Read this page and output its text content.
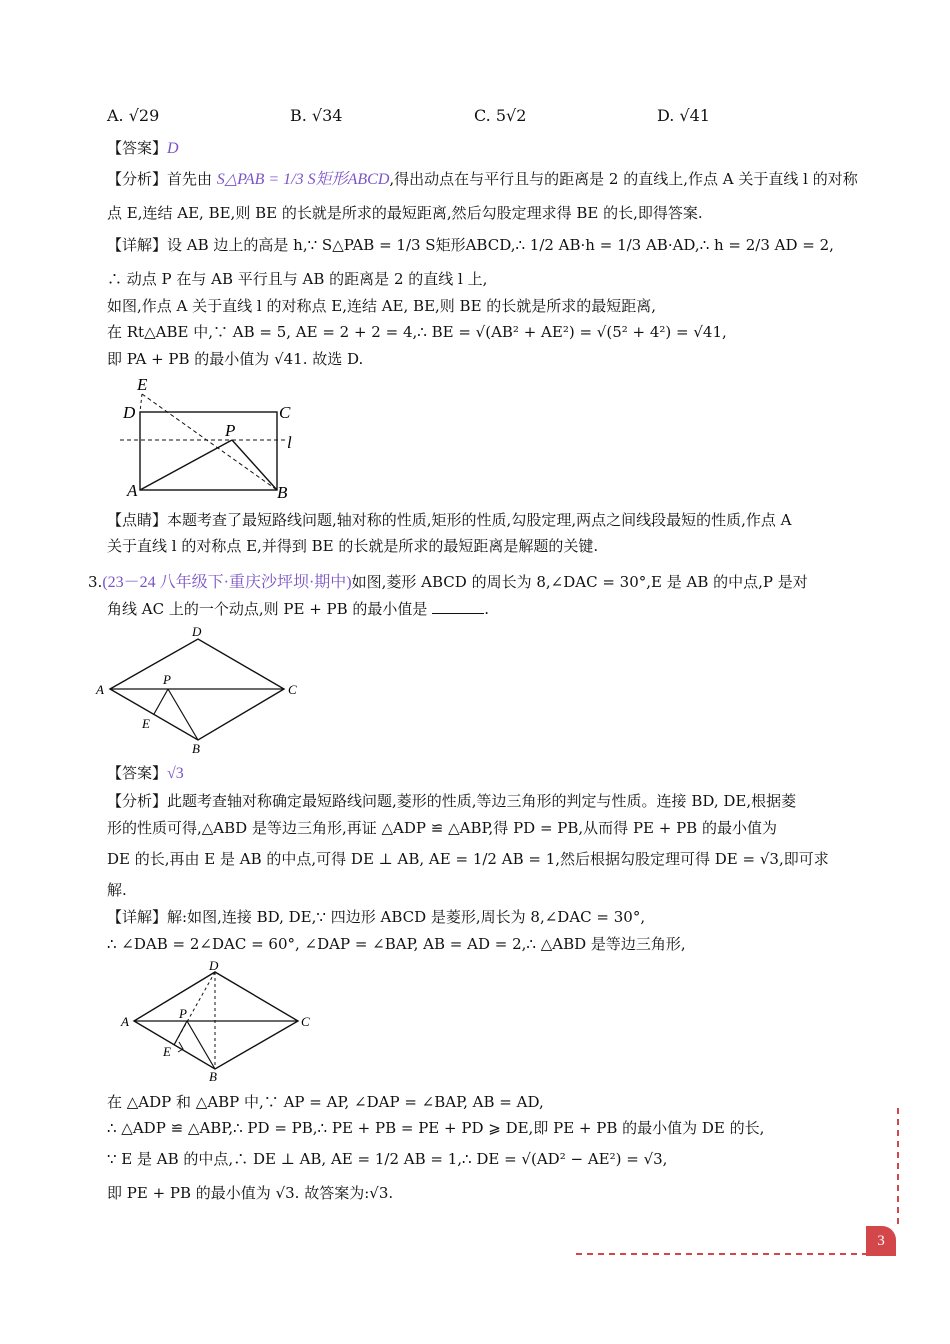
A. √29	B. √34	C. 5√2	D. √41
【答案】D
【分析】首先由 S△PAB = 1/3 S矩形ABCD,得出动点在与平行且与的距离是 2 的直线上,作点 A 关于直线 l 的对称
点 E,连结 AE, BE,则 BE 的长就是所求的最短距离,然后勾股定理求得 BE 的长,即得答案.
【详解】设 AB 边上的高是 h,∵ S△PAB = 1/3 S矩形ABCD,∴ 1/2 AB·h = 1/3 AB·AD,∴ h = 2/3 AD = 2,
∴ 动点 P 在与 AB 平行且与 AB 的距离是 2 的直线 l 上,
如图,作点 A 关于直线 l 的对称点 E,连结 AE, BE,则 BE 的长就是所求的最短距离,
在 Rt△ABE 中,∵ AB = 5, AE = 2 + 2 = 4,∴ BE = √(AB² + AE²) = √(5² + 4²) = √41,
即 PA + PB 的最小值为 √41. 故选 D.
E
D	C
P
l
A	B
【点睛】本题考查了最短路线问题,轴对称的性质,矩形的性质,勾股定理,两点之间线段最短的性质,作点 A
关于直线 l 的对称点 E,并得到 BE 的长就是所求的最短距离是解题的关键.
3.(23－24 八年级下·重庆沙坪坝·期中)如图,菱形 ABCD 的周长为 8,∠DAC = 30°,E 是 AB 的中点,P 是对
角线 AC 上的一个动点,则 PE + PB 的最小值是	.
D
A
P
C
E
B
【答案】√3
【分析】此题考查轴对称确定最短路线问题,菱形的性质,等边三角形的判定与性质。连接 BD, DE,根据菱
形的性质可得,△ABD 是等边三角形,再证 △ADP ≌ △ABP,得 PD = PB,从而得 PE + PB 的最小值为
DE 的长,再由 E 是 AB 的中点,可得 DE ⊥ AB, AE = 1/2 AB = 1,然后根据勾股定理可得 DE = √3,即可求
解.
【详解】解:如图,连接 BD, DE,∵ 四边形 ABCD 是菱形,周长为 8,∠DAC = 30°,
∴ ∠DAB = 2∠DAC = 60°, ∠DAP = ∠BAP, AB = AD = 2,∴ △ABD 是等边三角形,
D
A
P
C
E
B
在 △ADP 和 △ABP 中,∵ AP = AP, ∠DAP = ∠BAP, AB = AD,
∴ △ADP ≌ △ABP,∴ PD = PB,∴ PE + PB = PE + PD ⩾ DE,即 PE + PB 的最小值为 DE 的长,
∵ E 是 AB 的中点,∴ DE ⊥ AB, AE = 1/2 AB = 1,∴ DE = √(AD² − AE²) = √3,
即 PE + PB 的最小值为 √3. 故答案为:√3.
3
